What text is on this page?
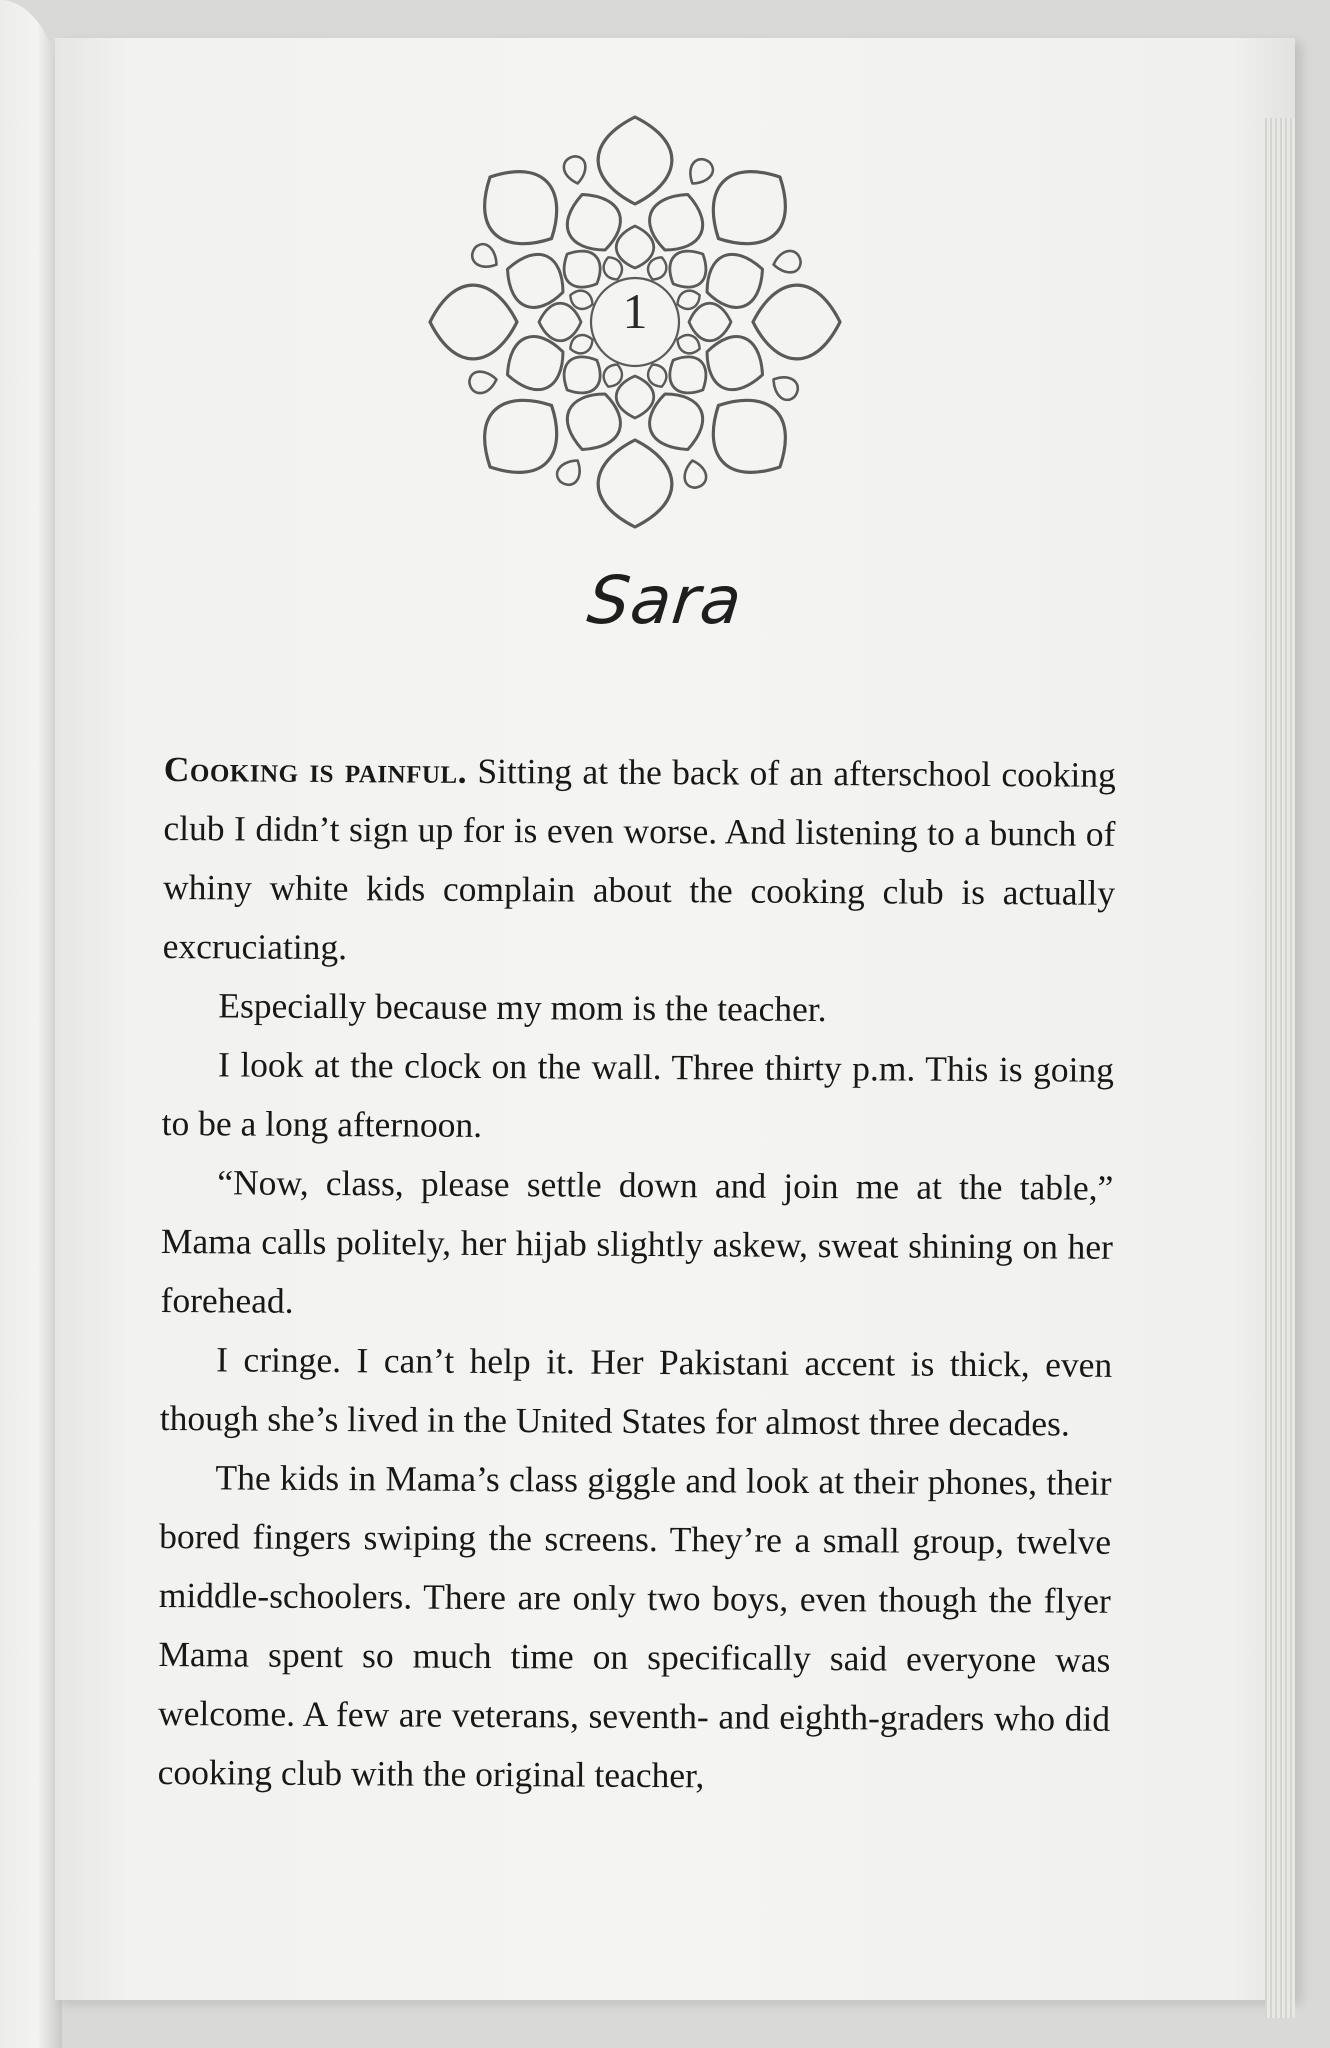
1
Sara

Cooking is painful. Sitting at the back of an afterschool cooking club I didn’t sign up for is even worse. And listening to a bunch of whiny white kids complain about the cooking club is actually excruciating.

Especially because my mom is the teacher.

I look at the clock on the wall. Three thirty p.m. This is going to be a long afternoon.

“Now, class, please settle down and join me at the table,” Mama calls politely, her hijab slightly askew, sweat shining on her forehead.

I cringe. I can’t help it. Her Pakistani accent is thick, even though she’s lived in the United States for almost three decades.

The kids in Mama’s class giggle and look at their phones, their bored fingers swiping the screens. They’re a small group, twelve middle-schoolers. There are only two boys, even though the flyer Mama spent so much time on specifically said everyone was welcome. A few are veterans, seventh- and eighth-graders who did cooking club with the original teacher,
